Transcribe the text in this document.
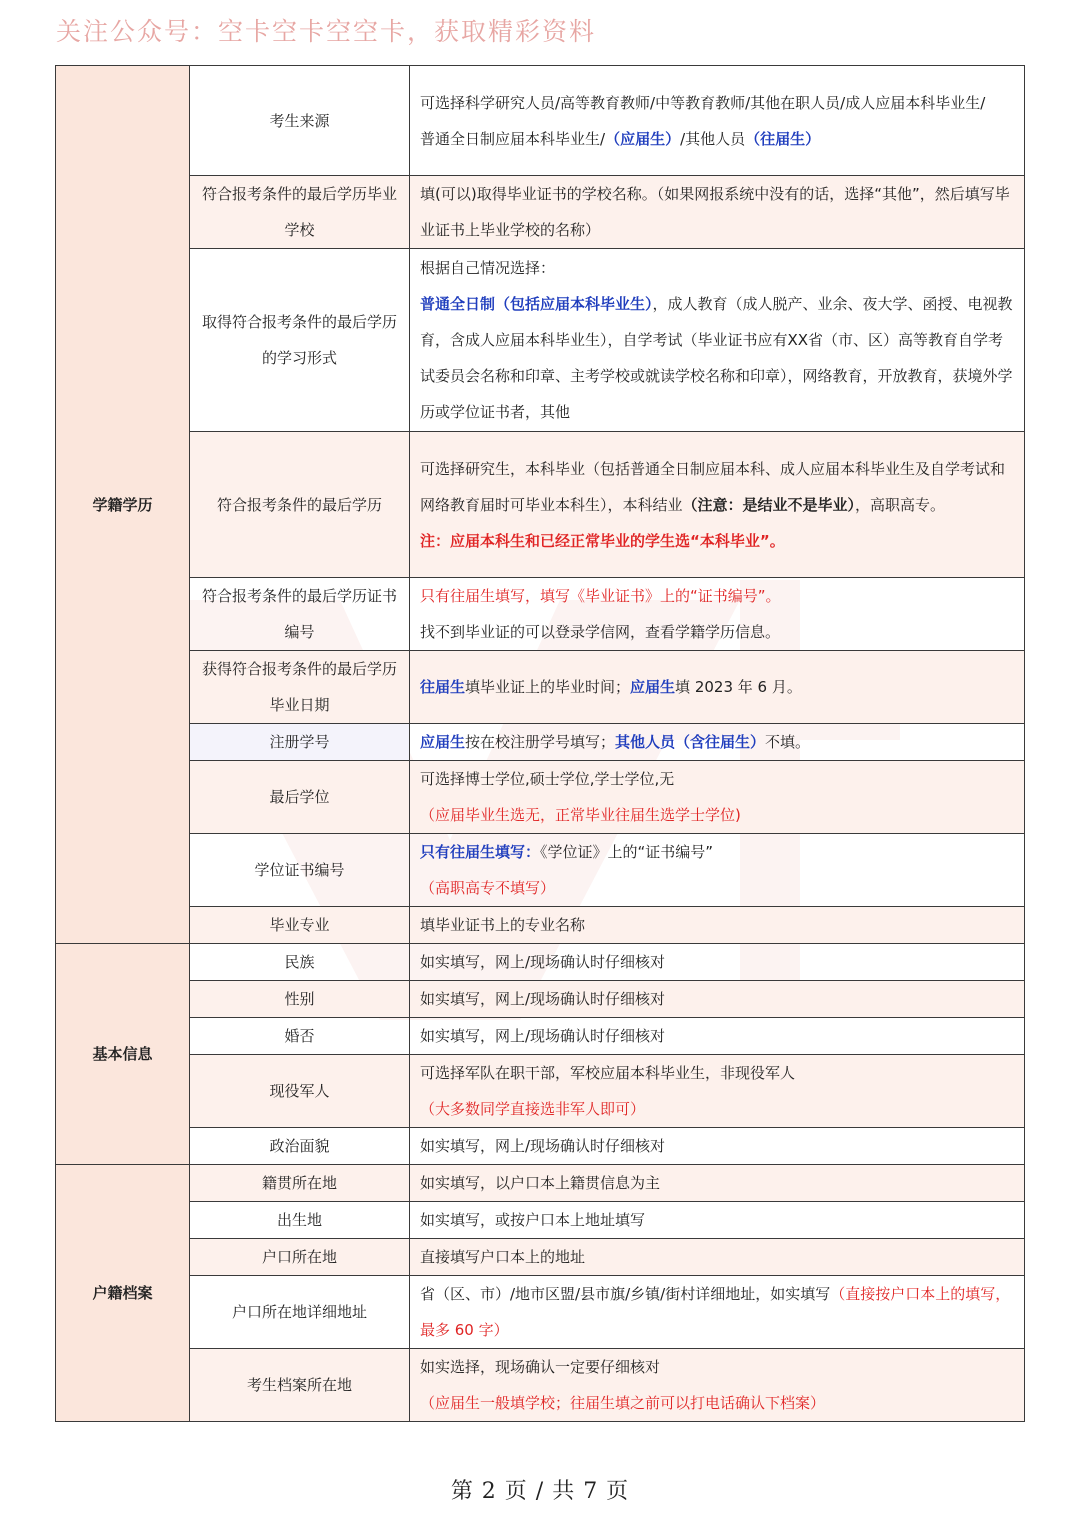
关注公众号：空卡空卡空空卡，获取精彩资料
学籍学历	考生来源	可选择科学研究人员/高等教育教师/中等教育教师/其他在职人员/成人应届本科毕业生/
普通全日制应届本科毕业生/（应届生）/其他人员（往届生）

	符合报考条件的最后学历毕业学校	填(可以)取得毕业证书的学校名称。（如果网报系统中没有的话，选择“其他”，然后填写毕业证书上毕业学校的名称）
	取得符合报考条件的最后学历的学习形式	根据自己情况选择：
普通全日制（包括应届本科毕业生），成人教育（成人脱产、业余、夜大学、函授、电视教育，含成人应届本科毕业生），自学考试（毕业证书应有XX省（市、区）高等教育自学考试委员会名称和印章、主考学校或就读学校名称和印章），网络教育，开放教育，获境外学历或学位证书者，其他

	符合报考条件的最后学历	可选择研究生，本科毕业（包括普通全日制应届本科、成人应届本科毕业生及自学考试和网络教育届时可毕业本科生），本科结业（注意：是结业不是毕业），高职高专。
注：应届本科生和已经正常毕业的学生选“本科毕业”。

	符合报考条件的最后学历证书编号	只有往届生填写，填写《毕业证书》上的“证书编号”。
找不到毕业证的可以登录学信网，查看学籍学历信息。

	获得符合报考条件的最后学历毕业日期	往届生填毕业证上的毕业时间；应届生填 2023 年 6 月。
	注册学号	应届生按在校注册学号填写；其他人员（含往届生）不填。
	最后学位	可选择博士学位,硕士学位,学士学位,无
（应届毕业生选无，正常毕业往届生选学士学位)

	学位证书编号	只有往届生填写：《学位证》上的“证书编号”
（高职高专不填写）

	毕业专业	填毕业证书上的专业名称
基本信息	民族	如实填写，网上/现场确认时仔细核对
	性别	如实填写，网上/现场确认时仔细核对
	婚否	如实填写，网上/现场确认时仔细核对
	现役军人	可选择军队在职干部，军校应届本科毕业生，非现役军人
（大多数同学直接选非军人即可）

	政治面貌	如实填写，网上/现场确认时仔细核对
户籍档案	籍贯所在地	如实填写，以户口本上籍贯信息为主
	出生地	如实填写，或按户口本上地址填写
	户口所在地	直接填写户口本上的地址
	户口所在地详细地址	省（区、市）/地市区盟/县市旗/乡镇/街村详细地址，如实填写（直接按户口本上的填写，最多 60 字）
	考生档案所在地	如实选择，现场确认一定要仔细核对
（应届生一般填学校；往届生填之前可以打电话确认下档案）
第 2 页 / 共 7 页
